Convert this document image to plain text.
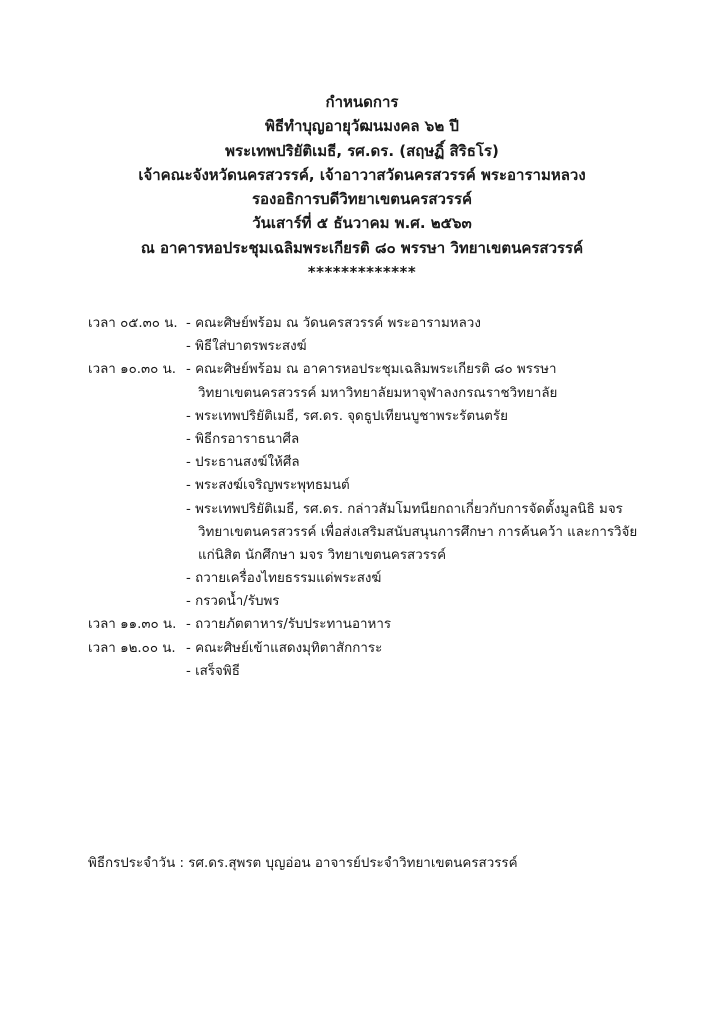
กำหนดการ
พิธีทำบุญอายุวัฒนมงคล ๖๒ ปี
พระเทพปริยัติเมธี, รศ.ดร. (สฤษฏิ์ สิริธโร)
เจ้าคณะจังหวัดนครสวรรค์, เจ้าอาวาสวัดนครสวรรค์ พระอารามหลวง
รองอธิการบดีวิทยาเขตนครสวรรค์
วันเสาร์ที่ ๕ ธันวาคม พ.ศ. ๒๕๖๓
ณ อาคารหอประชุมเฉลิมพระเกียรติ ๘๐ พรรษา วิทยาเขตนครสวรรค์
*************
เวลา ๐๕.๓๐ น. - คณะศิษย์พร้อม ณ วัดนครสวรรค์ พระอารามหลวง
- พิธีใส่บาตรพระสงฆ์
เวลา ๑๐.๓๐ น. - คณะศิษย์พร้อม ณ อาคารหอประชุมเฉลิมพระเกียรติ ๘๐ พรรษา
วิทยาเขตนครสวรรค์ มหาวิทยาลัยมหาจุฬาลงกรณราชวิทยาลัย
- พระเทพปริยัติเมธี, รศ.ดร. จุดธูปเทียนบูชาพระรัตนตรัย
- พิธีกรอาราธนาศีล
- ประธานสงฆ์ให้ศีล
- พระสงฆ์เจริญพระพุทธมนต์
- พระเทพปริยัติเมธี, รศ.ดร. กล่าวสัมโมทนียกถาเกี่ยวกับการจัดตั้งมูลนิธิ มจร
วิทยาเขตนครสวรรค์ เพื่อส่งเสริมสนับสนุนการศึกษา การค้นคว้า และการวิจัย
แก่นิสิต นักศึกษา มจร วิทยาเขตนครสวรรค์
- ถวายเครื่องไทยธรรมแด่พระสงฆ์
- กรวดน้ำ/รับพร
เวลา ๑๑.๓๐ น. - ถวายภัตตาหาร/รับประทานอาหาร
เวลา ๑๒.๐๐ น. - คณะศิษย์เข้าแสดงมุทิตาสักการะ
- เสร็จพิธี
พิธีกรประจำวัน : รศ.ดร.สุพรต บุญอ่อน อาจารย์ประจำวิทยาเขตนครสวรรค์
